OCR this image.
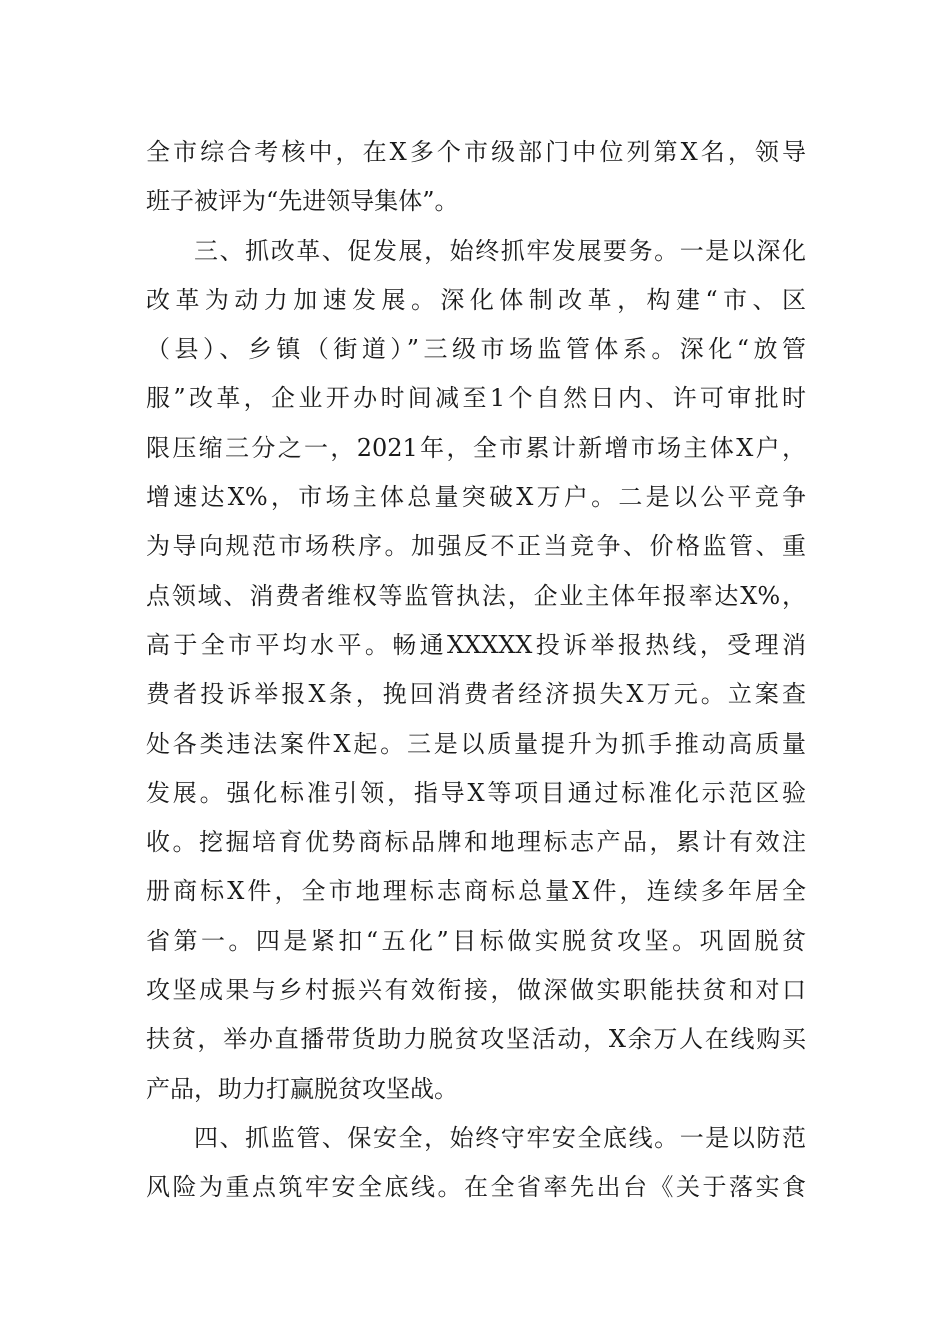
全市综合考核中，在X多个市级部门中位列第X名，领导
班子被评为“先进领导集体”。
三、抓改革、促发展，始终抓牢发展要务。一是以深化
改革为动力加速发展。深化体制改革，构建“市、区
（县）、乡镇（街道）”三级市场监管体系。深化“放管
服”改革，企业开办时间减至1个自然日内、许可审批时
限压缩三分之一，2021年，全市累计新增市场主体X户，
增速达X%，市场主体总量突破X万户。二是以公平竞争
为导向规范市场秩序。加强反不正当竞争、价格监管、重
点领域、消费者维权等监管执法，企业主体年报率达X%，
高于全市平均水平。畅通XXXXX投诉举报热线，受理消
费者投诉举报X条，挽回消费者经济损失X万元。立案查
处各类违法案件X起。三是以质量提升为抓手推动高质量
发展。强化标准引领，指导X等项目通过标准化示范区验
收。挖掘培育优势商标品牌和地理标志产品，累计有效注
册商标X件，全市地理标志商标总量X件，连续多年居全
省第一。四是紧扣“五化”目标做实脱贫攻坚。巩固脱贫
攻坚成果与乡村振兴有效衔接，做深做实职能扶贫和对口
扶贫，举办直播带货助力脱贫攻坚活动，X余万人在线购买
产品，助力打赢脱贫攻坚战。
四、抓监管、保安全，始终守牢安全底线。一是以防范
风险为重点筑牢安全底线。在全省率先出台《关于落实食
